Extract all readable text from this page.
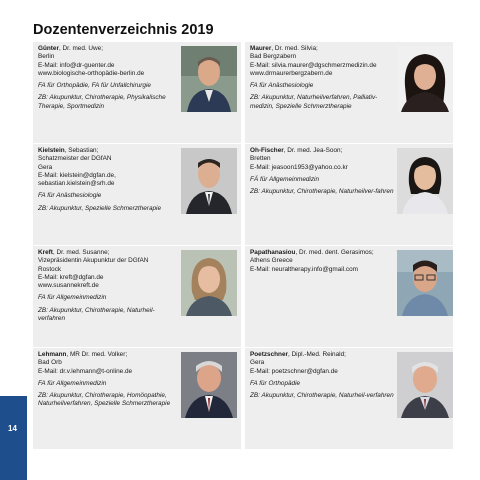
Dozentenverzeichnis 2019
Günter, Dr. med. Uwe;
Berlin
E-Mail: info@dr-guenter.de
www.biologische-orthopädie-berlin.de
FA für Orthopädie, FA für Unfallchirurgie
ZB: Akupunktur, Chirotherapie, Physikalische Therapie, Sportmedizin
Maurer, Dr. med. Silvia;
Bad Bergzabern
E-Mail: silvia.maurer@dgschmerzmedizin.de
www.drmaurerbergzabern.de
FA für Anästhesiologie
ZB: Akupunktur, Naturheilverfahren, Palliativ-medizin, Spezielle Schmerztherapie
Kielstein, Sebastian;
Schatzmeister der DGfAN
Gera
E-Mail: kielstein@dgfan.de,
sebastian.kielstein@srh.de
FA für Anästhesiologie
ZB: Akupunktur, Spezielle Schmerztherapie
Oh-Fischer, Dr. med. Jea-Soon;
Bretten
E-Mail: jeasoon1953@yahoo.co.kr
FÄ für Allgemeinmedizin
ZB: Akupunktur, Chirotherapie, Naturheilver-fahren
Kreft, Dr. med. Susanne;
Vizepräsidentin Akupunktur der DGfAN
Rostock
E-Mail: kreft@dgfan.de
www.susannekreft.de
FA für Allgemeinmedizin
ZB: Akupunktur, Chirotherapie, Naturheil-verfahren
Papathanasiou, Dr. med. dent. Gerasimos;
Athens Greece
E-Mail: neuraltherapy.info@gmail.com
Lehmann, MR Dr. med. Volker;
Bad Orb
E-Mail: dr.v.lehmann@t-online.de
FA für Allgemeinmedizin
ZB: Akupunktur, Chirotherapie, Homöopathie, Naturheilverfahren, Spezielle Schmerztherapie
Poetzschner, Dipl.-Med. Reinald;
Gera
E-Mail: poetzschner@dgfan.de
FA für Orthopädie
ZB: Akupunktur, Chirotherapie, Naturheil-verfahren
14
